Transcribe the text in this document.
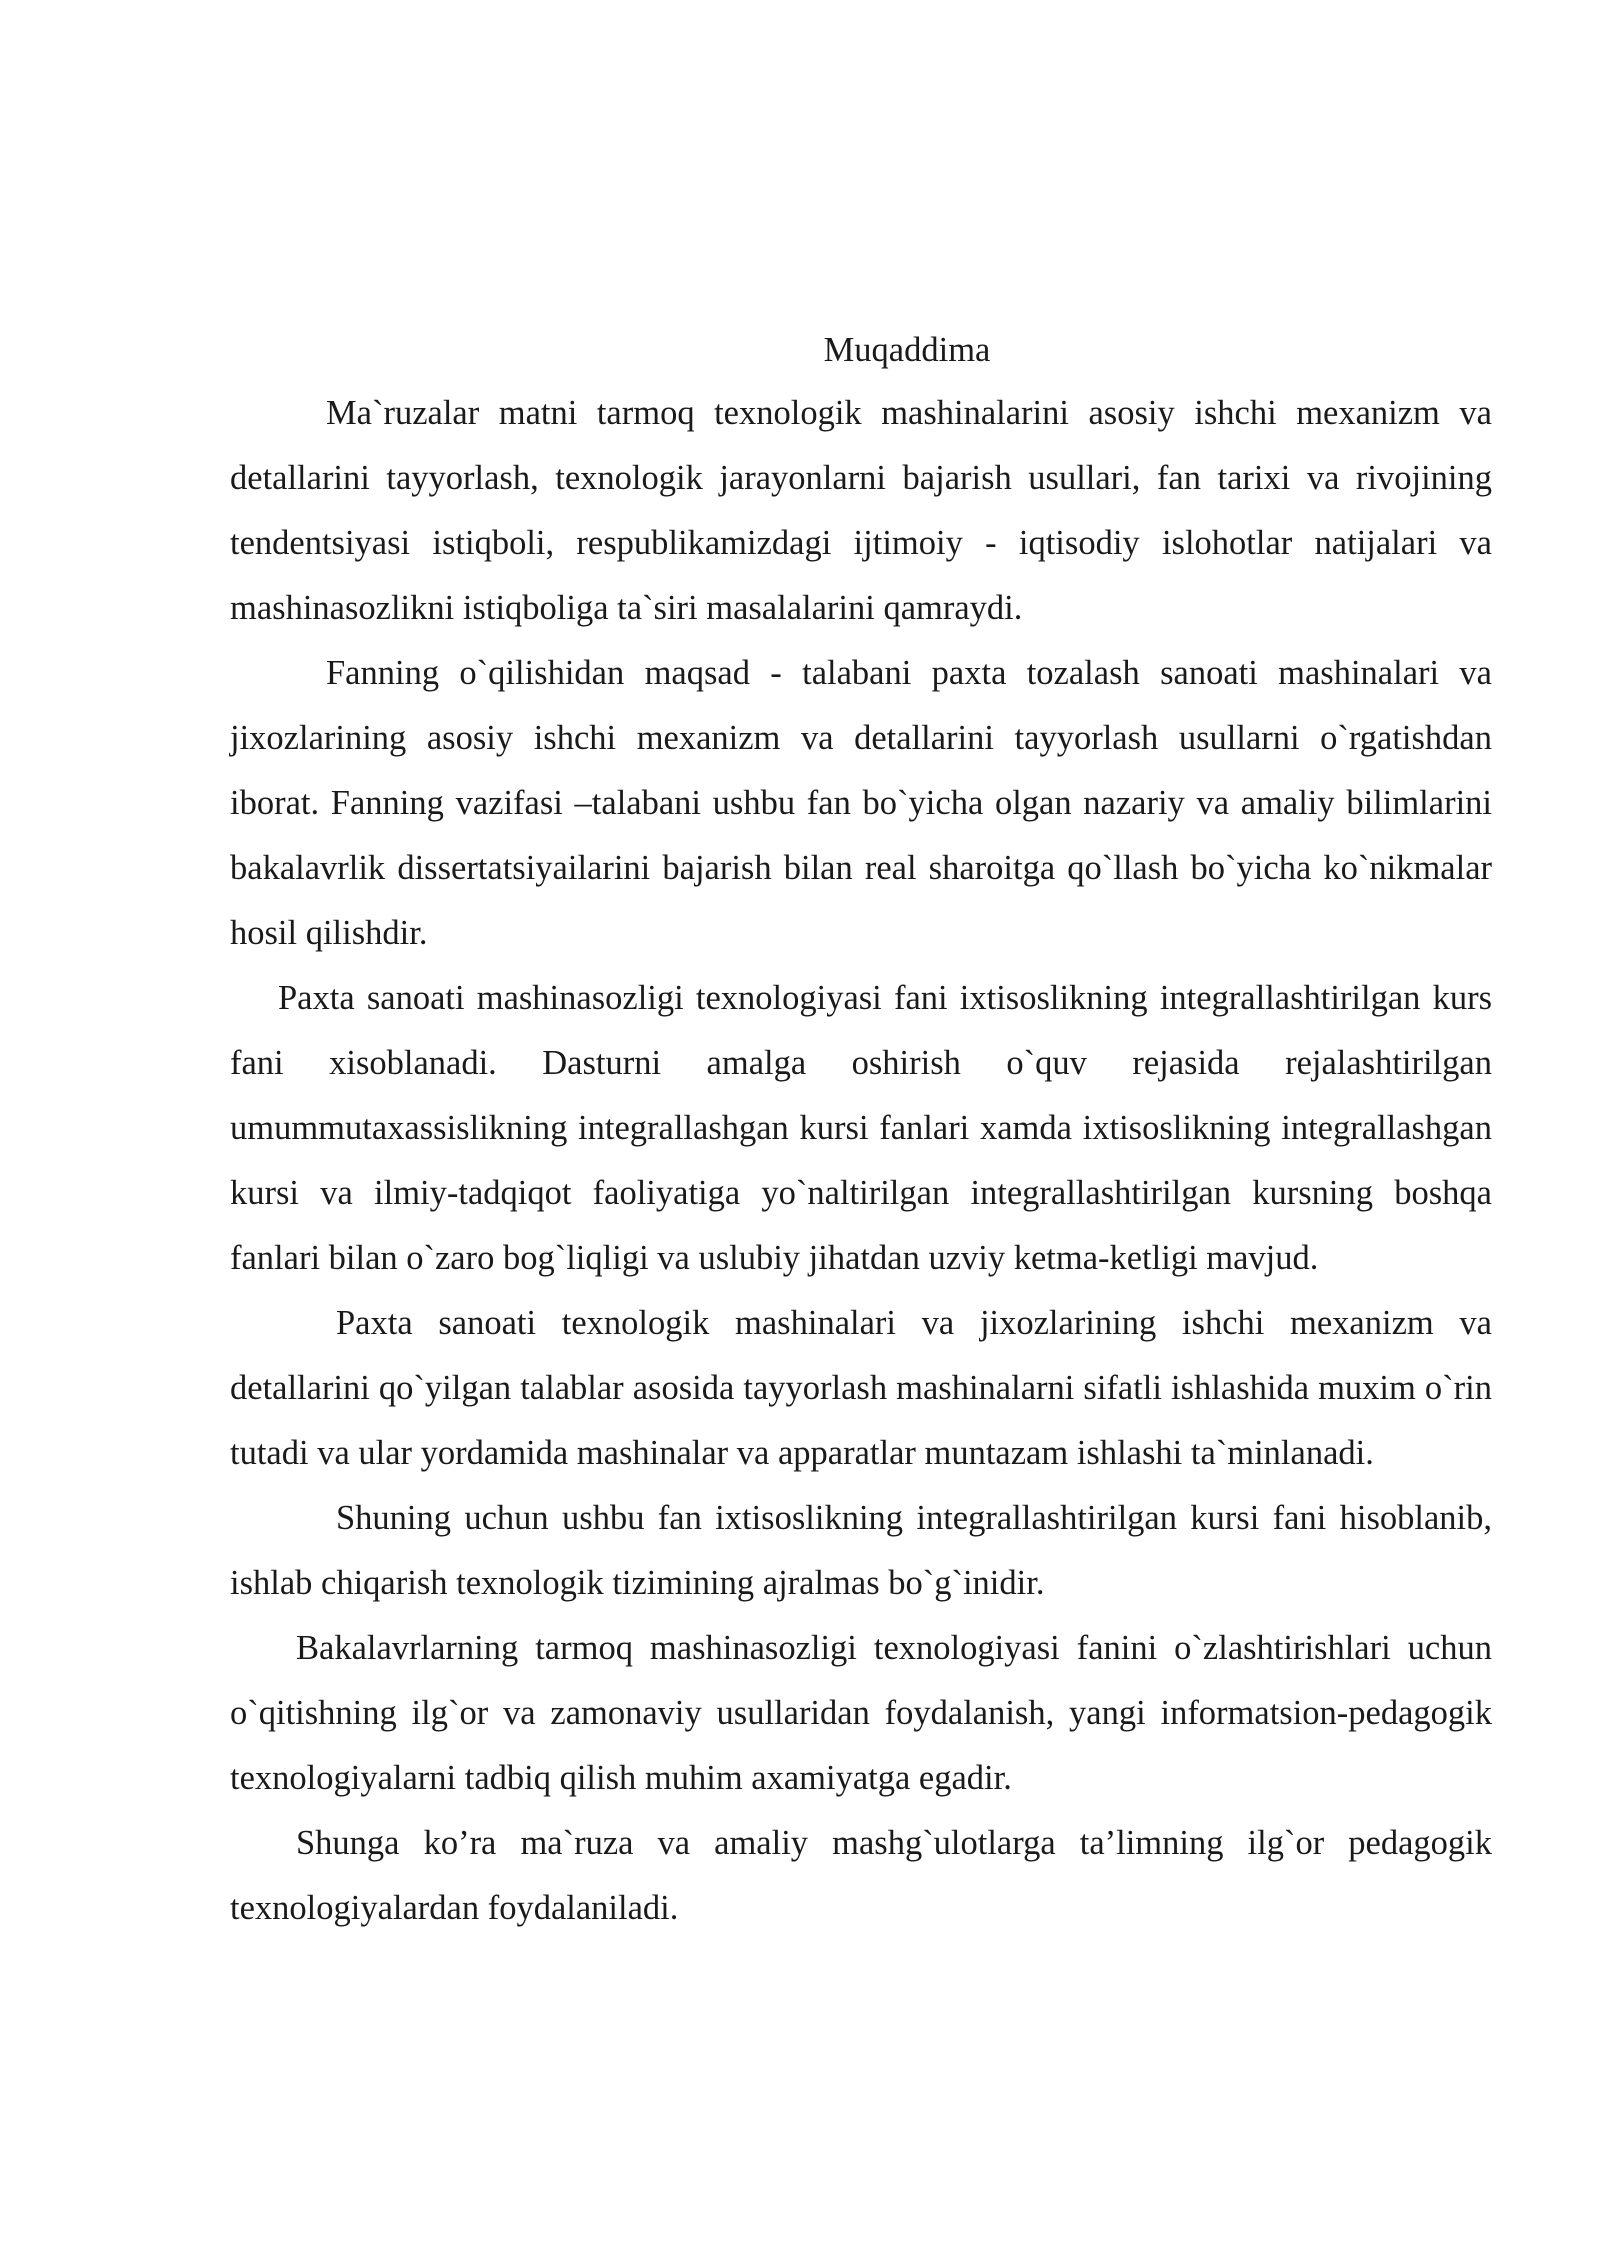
Muqaddima

Ma`ruzalar matni tarmoq texnologik mashinalarini asosiy ishchi mexanizm va detallarini tayyorlash, texnologik jarayonlarni bajarish usullari, fan tarixi va rivojining tendentsiyasi istiqboli, respublikamizdagi ijtimoiy - iqtisodiy islohotlar natijalari va mashinasozlikni istiqboliga ta`siri masalalarini qamraydi.

Fanning o`qilishidan maqsad - talabani paxta tozalash sanoati mashinalari va jixozlarining asosiy ishchi mexanizm va detallarini tayyorlash usullarni o`rgatishdan iborat. Fanning vazifasi –talabani ushbu fan bo`yicha olgan nazariy va amaliy bilimlarini bakalavrlik dissertatsiyailarini bajarish bilan real sharoitga qo`llash bo`yicha ko`nikmalar hosil qilishdir.

Paxta sanoati mashinasozligi texnologiyasi fani ixtisoslikning integrallashtirilgan kurs fani xisoblanadi. Dasturni amalga oshirish o`quv rejasida rejalashtirilgan umummutaxassislikning integrallashgan kursi fanlari xamda ixtisoslikning integrallashgan kursi va ilmiy-tadqiqot faoliyatiga yo`naltirilgan integrallashtirilgan kursning boshqa fanlari bilan o`zaro bog`liqligi va uslubiy jihatdan uzviy ketma-ketligi mavjud.

Paxta sanoati texnologik mashinalari va jixozlarining ishchi mexanizm va detallarini qo`yilgan talablar asosida tayyorlash mashinalarni sifatli ishlashida muxim o`rin tutadi va ular yordamida mashinalar va apparatlar muntazam ishlashi ta`minlanadi.

Shuning uchun ushbu fan ixtisoslikning integrallashtirilgan kursi fani hisoblanib, ishlab chiqarish texnologik tizimining ajralmas bo`g`inidir.

Bakalavrlarning tarmoq mashinasozligi texnologiyasi fanini o`zlashtirishlari uchun o`qitishning ilg`or va zamonaviy usullaridan foydalanish, yangi informatsion-pedagogik texnologiyalarni tadbiq qilish muhim axamiyatga egadir.

Shunga ko’ra ma`ruza va amaliy mashg`ulotlarga ta’limning ilg`or pedagogik texnologiyalardan foydalaniladi.
